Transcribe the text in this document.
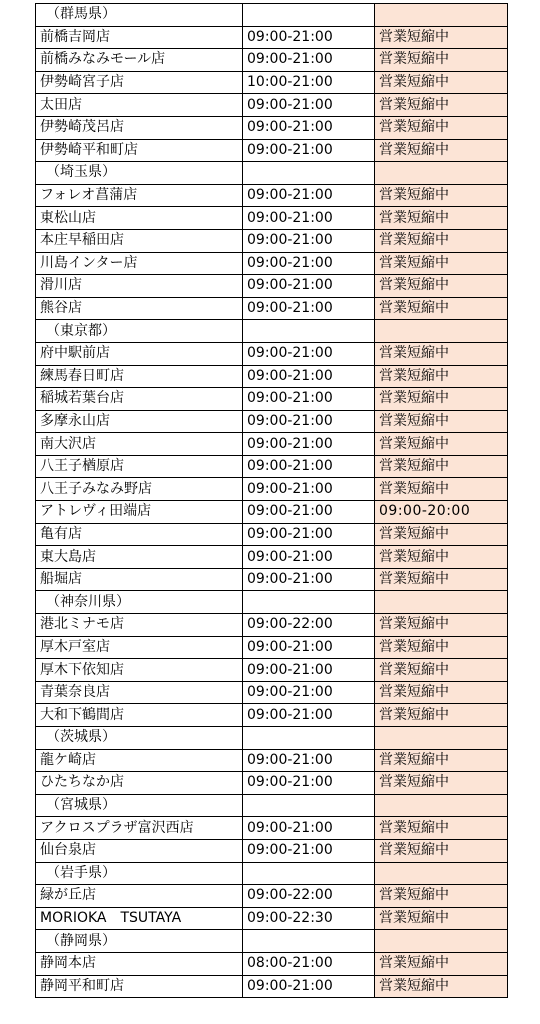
（群馬県）		
前橋吉岡店	09:00-21:00	営業短縮中
前橋みなみモール店	09:00-21:00	営業短縮中
伊勢崎宮子店	10:00-21:00	営業短縮中
太田店	09:00-21:00	営業短縮中
伊勢崎茂呂店	09:00-21:00	営業短縮中
伊勢崎平和町店	09:00-21:00	営業短縮中
（埼玉県）		
フォレオ菖蒲店	09:00-21:00	営業短縮中
東松山店	09:00-21:00	営業短縮中
本庄早稲田店	09:00-21:00	営業短縮中
川島インター店	09:00-21:00	営業短縮中
滑川店	09:00-21:00	営業短縮中
熊谷店	09:00-21:00	営業短縮中
（東京都）		
府中駅前店	09:00-21:00	営業短縮中
練馬春日町店	09:00-21:00	営業短縮中
稲城若葉台店	09:00-21:00	営業短縮中
多摩永山店	09:00-21:00	営業短縮中
南大沢店	09:00-21:00	営業短縮中
八王子楢原店	09:00-21:00	営業短縮中
八王子みなみ野店	09:00-21:00	営業短縮中
アトレヴィ田端店	09:00-21:00	09:00-20:00
亀有店	09:00-21:00	営業短縮中
東大島店	09:00-21:00	営業短縮中
船堀店	09:00-21:00	営業短縮中
（神奈川県）		
港北ミナモ店	09:00-22:00	営業短縮中
厚木戸室店	09:00-21:00	営業短縮中
厚木下依知店	09:00-21:00	営業短縮中
青葉奈良店	09:00-21:00	営業短縮中
大和下鶴間店	09:00-21:00	営業短縮中
（茨城県）		
龍ケ崎店	09:00-21:00	営業短縮中
ひたちなか店	09:00-21:00	営業短縮中
（宮城県）		
アクロスプラザ富沢西店	09:00-21:00	営業短縮中
仙台泉店	09:00-21:00	営業短縮中
（岩手県）		
緑が丘店	09:00-22:00	営業短縮中
MORIOKA　TSUTAYA	09:00-22:30	営業短縮中
（静岡県）		
静岡本店	08:00-21:00	営業短縮中
静岡平和町店	09:00-21:00	営業短縮中
